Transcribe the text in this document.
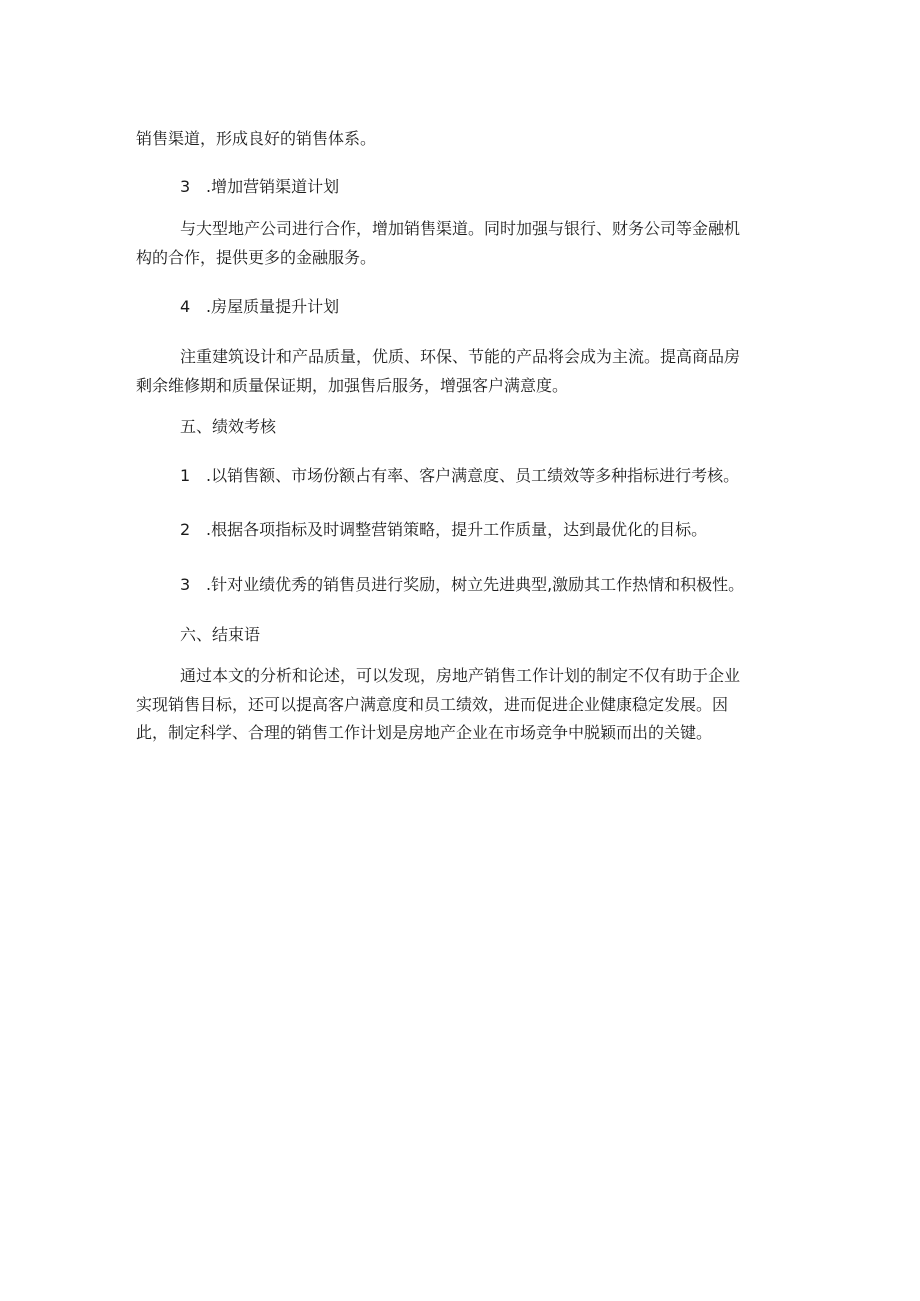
销售渠道，形成良好的销售体系。
3 .增加营销渠道计划
与大型地产公司进行合作，增加销售渠道。同时加强与银行、财务公司等金融机
构的合作，提供更多的金融服务。
4 .房屋质量提升计划
注重建筑设计和产品质量，优质、环保、节能的产品将会成为主流。提高商品房
剩余维修期和质量保证期，加强售后服务，增强客户满意度。
五、绩效考核
1 .以销售额、市场份额占有率、客户满意度、员工绩效等多种指标进行考核。
2 .根据各项指标及时调整营销策略，提升工作质量，达到最优化的目标。
3 .针对业绩优秀的销售员进行奖励，树立先进典型,激励其工作热情和积极性。
六、结束语
通过本文的分析和论述，可以发现，房地产销售工作计划的制定不仅有助于企业
实现销售目标，还可以提高客户满意度和员工绩效，进而促进企业健康稳定发展。因
此，制定科学、合理的销售工作计划是房地产企业在市场竞争中脱颖而出的关键。
